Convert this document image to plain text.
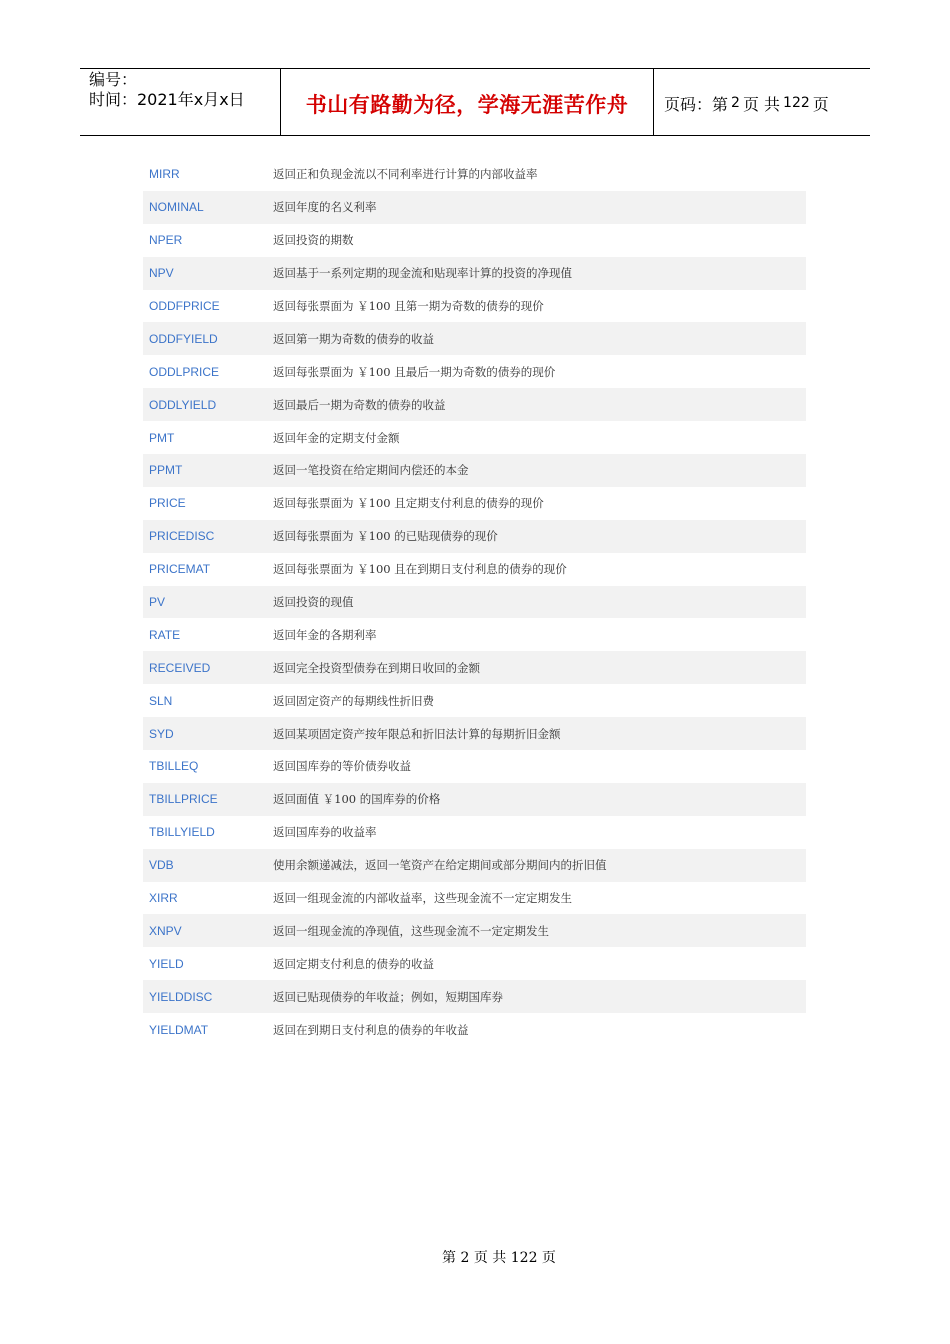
编号：
时间：2021年x月x日	书山有路勤为径，学海无涯苦作舟 页码：第 2 页 共 122 页
MIRR	返回正和负现金流以不同利率进行计算的内部收益率
NOMINAL	返回年度的名义利率
NPER	返回投资的期数
NPV	返回基于一系列定期的现金流和贴现率计算的投资的净现值
ODDFPRICE	返回每张票面为 ￥100 且第一期为奇数的债券的现价
ODDFYIELD	返回第一期为奇数的债券的收益
ODDLPRICE	返回每张票面为 ￥100 且最后一期为奇数的债券的现价
ODDLYIELD	返回最后一期为奇数的债券的收益
PMT	返回年金的定期支付金额
PPMT	返回一笔投资在给定期间内偿还的本金
PRICE	返回每张票面为 ￥100 且定期支付利息的债券的现价
PRICEDISC	返回每张票面为 ￥100 的已贴现债券的现价
PRICEMAT	返回每张票面为 ￥100 且在到期日支付利息的债券的现价
PV	返回投资的现值
RATE	返回年金的各期利率
RECEIVED	返回完全投资型债券在到期日收回的金额
SLN	返回固定资产的每期线性折旧费
SYD	返回某项固定资产按年限总和折旧法计算的每期折旧金额
TBILLEQ	返回国库券的等价债券收益
TBILLPRICE	返回面值 ￥100 的国库券的价格
TBILLYIELD	返回国库券的收益率
VDB	使用余额递减法，返回一笔资产在给定期间或部分期间内的折旧值
XIRR	返回一组现金流的内部收益率，这些现金流不一定定期发生
XNPV	返回一组现金流的净现值，这些现金流不一定定期发生
YIELD	返回定期支付利息的债券的收益
YIELDDISC	返回已贴现债券的年收益；例如，短期国库券
YIELDMAT	返回在到期日支付利息的债券的年收益
第 2 页 共 122 页
